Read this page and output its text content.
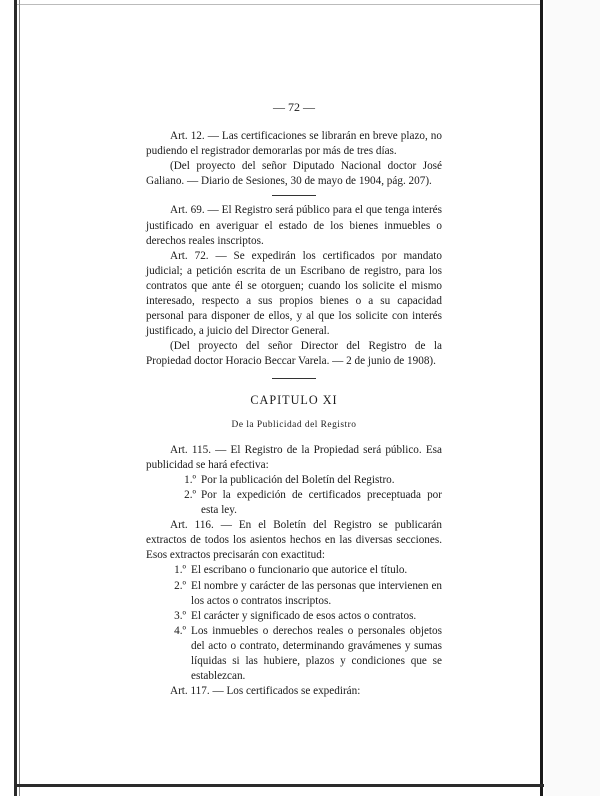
— 72 —

Art. 12. — Las certificaciones se librarán en breve plazo, no pudiendo el registrador demorarlas por más de tres días.

(Del proyecto del señor Diputado Nacional doctor José Galiano. — Diario de Sesiones, 30 de mayo de 1904, pág. 207).

Art. 69. — El Registro será público para el que tenga interés justificado en averiguar el estado de los bienes inmuebles o derechos reales inscriptos.

Art. 72. — Se expedirán los certificados por mandato judicial; a petición escrita de un Escribano de registro, para los contratos que ante él se otorguen; cuando los solicite el mismo interesado, respecto a sus propios bienes o a su capacidad personal para disponer de ellos, y al que los solicite con interés justificado, a juicio del Director General.

(Del proyecto del señor Director del Registro de la Propiedad doctor Horacio Beccar Varela. — 2 de junio de 1908).

CAPITULO XI
De la Publicidad del Registro

Art. 115. — El Registro de la Propiedad será público. Esa publicidad se hará efectiva:

1.º Por la publicación del Boletín del Registro.
2.º Por la expedición de certificados preceptuada por esta ley.

Art. 116. — En el Boletín del Registro se publicarán extractos de todos los asientos hechos en las diversas secciones. Esos extractos precisarán con exactitud:

1.º El escribano o funcionario que autorice el título.
2.º El nombre y carácter de las personas que intervienen en los actos o contratos inscriptos.
3.º El carácter y significado de esos actos o contratos.
4.º Los inmuebles o derechos reales o personales objetos del acto o contrato, determinando gravámenes y sumas líquidas si las hubiere, plazos y condiciones que se establezcan.

Art. 117. — Los certificados se expedirán:
